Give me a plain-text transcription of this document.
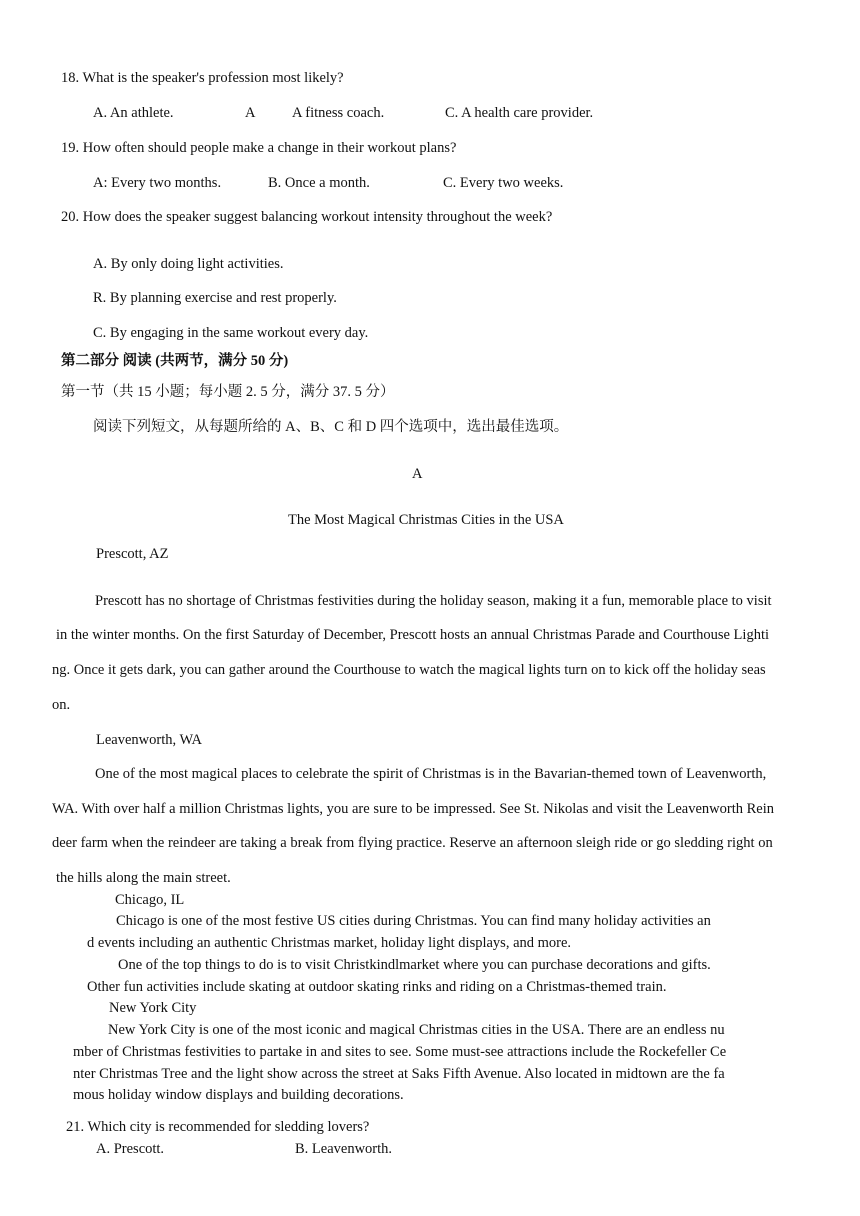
18. What is the speaker's profession most likely?
A. An athlete.	A	A fitness coach.	C. A health care provider.
19. How often should people make a change in their workout plans?
A: Every two months.	B. Once a month.	C. Every two weeks.
20. How does the speaker suggest balancing workout intensity throughout the week?
A. By only doing light activities.
R. By planning exercise and rest properly.
C. By engaging in the same workout every day.
第二部分 阅读 (共两节，满分 50 分)
第一节（共 15 小题；每小题 2. 5 分，满分 37. 5 分）
阅读下列短文，从每题所给的 A、B、C 和 D 四个选项中，选出最佳选项。
A
The Most Magical Christmas Cities in the USA
Prescott, AZ
Prescott has no shortage of Christmas festivities during the holiday season, making it a fun, memorable place to visit
in the winter months. On the first Saturday of December, Prescott hosts an annual Christmas Parade and Courthouse Lighti
ng. Once it gets dark, you can gather around the Courthouse to watch the magical lights turn on to kick off the holiday seas
on.
Leavenworth, WA
One of the most magical places to celebrate the spirit of Christmas is in the Bavarian-themed town of Leavenworth,
WA. With over half a million Christmas lights, you are sure to be impressed. See St. Nikolas and visit the Leavenworth Rein
deer farm when the reindeer are taking a break from flying practice. Reserve an afternoon sleigh ride or go sledding right on
the hills along the main street.
Chicago, IL
Chicago is one of the most festive US cities during Christmas. You can find many holiday activities an
d events including an authentic Christmas market, holiday light displays, and more.
One of the top things to do is to visit Christkindlmarket where you can purchase decorations and gifts.
Other fun activities include skating at outdoor skating rinks and riding on a Christmas-themed train.
New York City
New York City is one of the most iconic and magical Christmas cities in the USA. There are an endless nu
mber of Christmas festivities to partake in and sites to see. Some must-see attractions include the Rockefeller Ce
nter Christmas Tree and the light show across the street at Saks Fifth Avenue. Also located in midtown are the fa
mous holiday window displays and building decorations.
21. Which city is recommended for sledding lovers?
A. Prescott.	B. Leavenworth.
